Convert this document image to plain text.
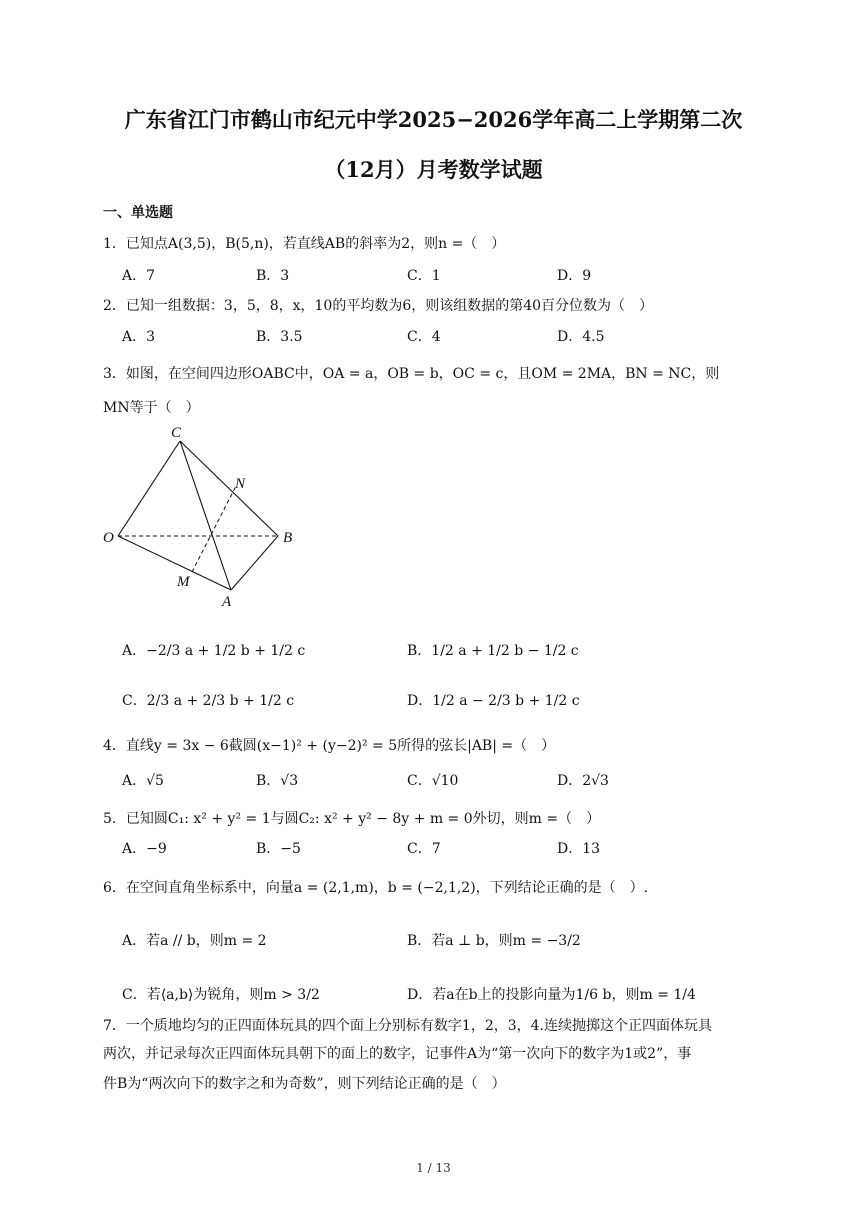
广东省江门市鹤山市纪元中学2025−2026学年高二上学期第二次
（12月）月考数学试题
一、单选题
1．已知点A(3,5)，B(5,n)，若直线AB的斜率为2，则n =（　）
A．7	B．3	C．1	D．9
2．已知一组数据：3，5，8，x，10的平均数为6，则该组数据的第40百分位数为（　）
A．3	B．3.5	C．4	D．4.5
3．如图，在空间四边形OABC中，OA = a，OB = b，OC = c，且OM = 2MA，BN = NC，则
MN等于（　）
C
N
O	B
M
A
A．−2/3 a + 1/2 b + 1/2 c	B．1/2 a + 1/2 b − 1/2 c
C．2/3 a + 2/3 b + 1/2 c	D．1/2 a − 2/3 b + 1/2 c
4．直线y = 3x − 6截圆(x−1)² + (y−2)² = 5所得的弦长|AB| =（　）
A．√5	B．√3	C．√10	D．2√3
5．已知圆C₁: x² + y² = 1与圆C₂: x² + y² − 8y + m = 0外切，则m =（　）
A．−9	B．−5	C．7	D．13
6．在空间直角坐标系中，向量a = (2,1,m)，b = (−2,1,2)，下列结论正确的是（　）.
A．若a // b，则m = 2	B．若a ⊥ b，则m = −3/2
C．若⟨a,b⟩为锐角，则m > 3/2	D．若a在b上的投影向量为1/6 b，则m = 1/4
7．一个质地均匀的正四面体玩具的四个面上分别标有数字1，2，3，4.连续抛掷这个正四面体玩具
两次，并记录每次正四面体玩具朝下的面上的数字，记事件A为“第一次向下的数字为1或2”，事
件B为“两次向下的数字之和为奇数”，则下列结论正确的是（　）
1 / 13
